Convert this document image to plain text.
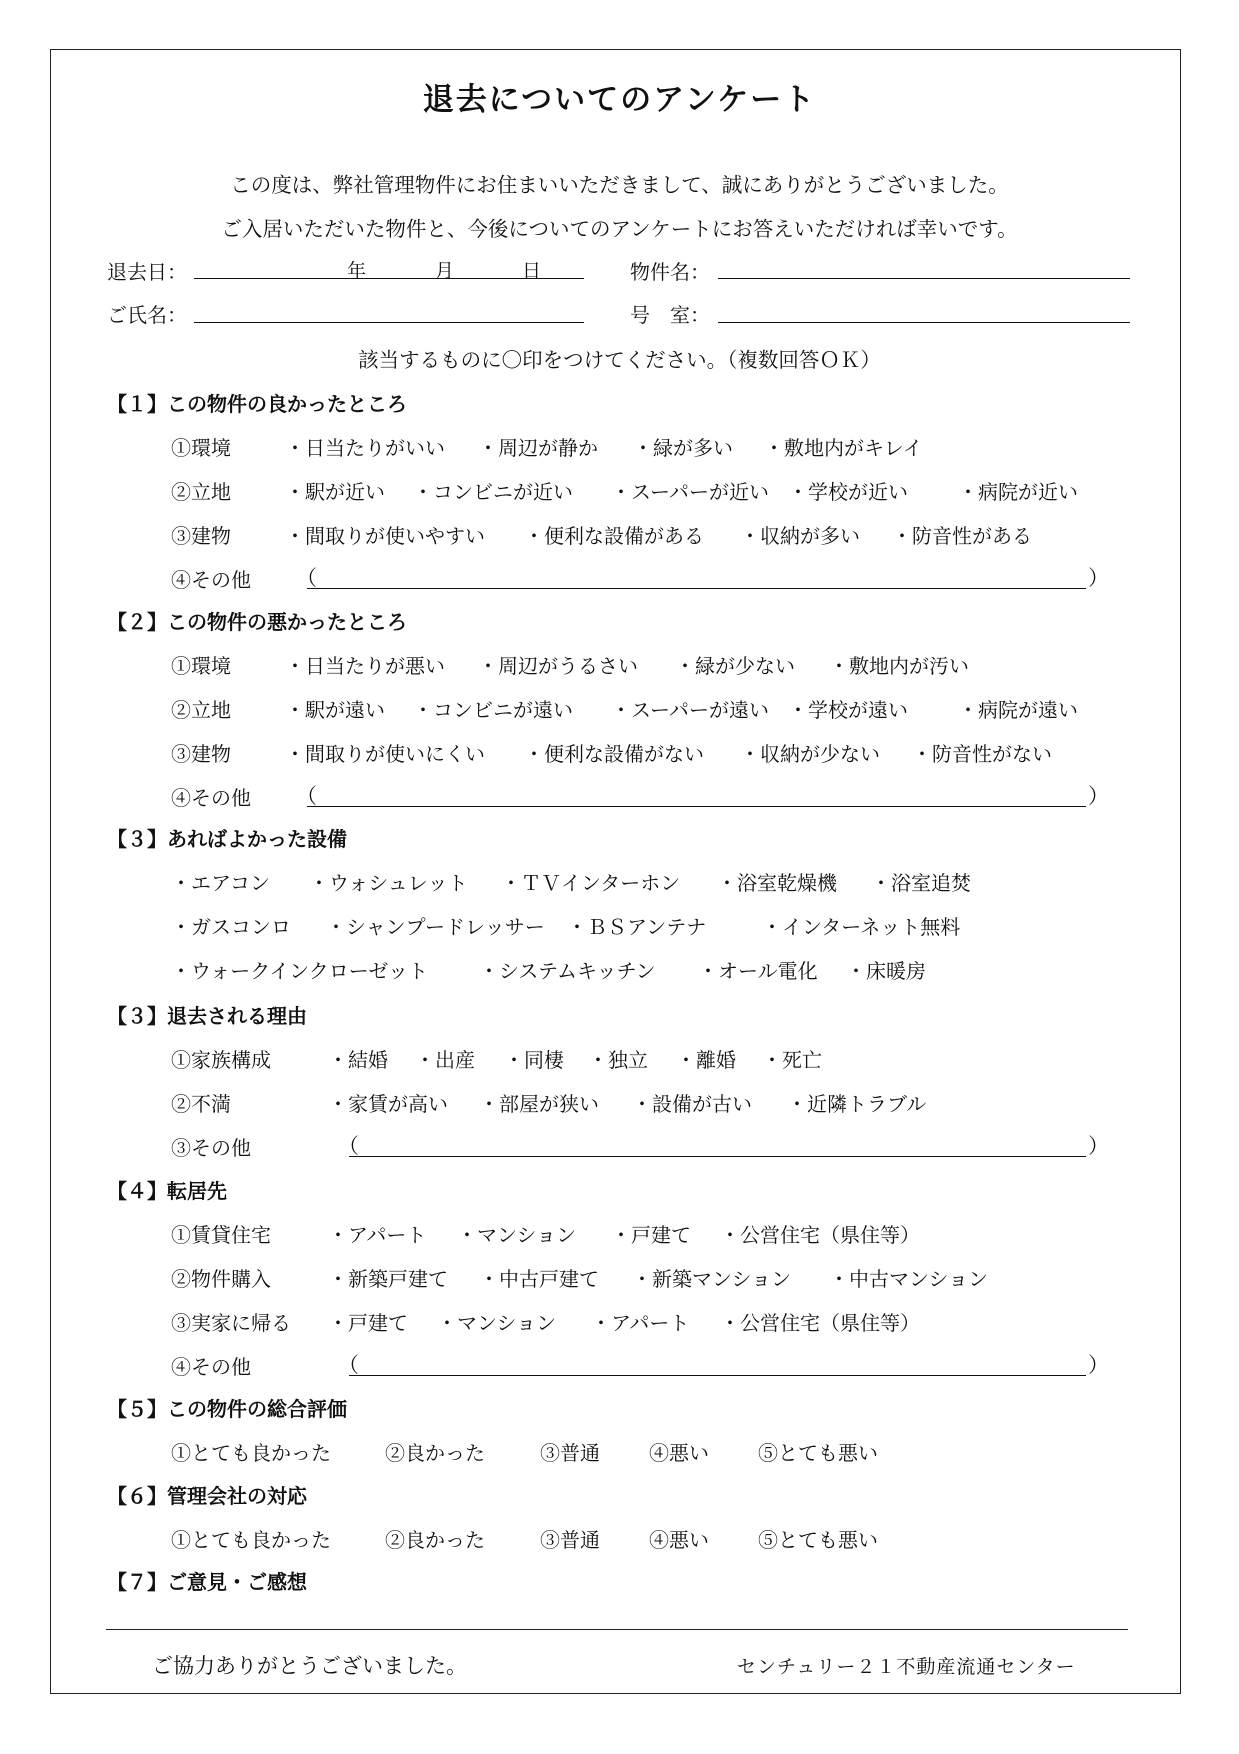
退去についてのアンケート
この度は、弊社管理物件にお住まいいただきまして、誠にありがとうございました。
ご入居いただいた物件と、今後についてのアンケートにお答えいただければ幸いです。
退去日：	年	月	日	物件名：
ご氏名：	号　室：
該当するものに〇印をつけてください。（複数回答ＯＫ）
【１】この物件の良かったところ
①環境	・日当たりがいい ・周辺が静か ・緑が多い ・敷地内がキレイ
②立地	・駅が近い ・コンビニが近い ・スーパーが近い ・学校が近い	・病院が近い
③建物	・間取りが使いやすい ・便利な設備がある ・収納が多い ・防音性がある
④その他 （	）
【２】この物件の悪かったところ
①環境	・日当たりが悪い ・周辺がうるさい ・緑が少ない ・敷地内が汚い
②立地	・駅が遠い ・コンビニが遠い ・スーパーが遠い ・学校が遠い	・病院が遠い
③建物	・間取りが使いにくい ・便利な設備がない ・収納が少ない ・防音性がない
④その他 （	）
【３】あればよかった設備
・エアコン ・ウォシュレット ・ＴＶインターホン ・浴室乾燥機 ・浴室追焚
・ガスコンロ ・シャンプードレッサー ・ＢＳアンテナ	・インターネット無料
・ウォークインクローゼット	・システムキッチン ・オール電化 ・床暖房
【３】退去される理由
①家族構成	・結婚 ・出産 ・同棲 ・独立 ・離婚 ・死亡
②不満	・家賃が高い ・部屋が狭い ・設備が古い ・近隣トラブル
③その他	（	）
【４】転居先
①賃貸住宅	・アパート ・マンション ・戸建て ・公営住宅（県住等）
②物件購入	・新築戸建て ・中古戸建て ・新築マンション ・中古マンション
③実家に帰る ・戸建て ・マンション ・アパート ・公営住宅（県住等）
④その他	（	）
【５】この物件の総合評価
①とても良かった	②良かった	③普通 ④悪い ⑤とても悪い
【６】管理会社の対応
①とても良かった	②良かった	③普通 ④悪い ⑤とても悪い
【７】ご意見・ご感想
ご協力ありがとうございました。	センチュリー２１不動産流通センター
